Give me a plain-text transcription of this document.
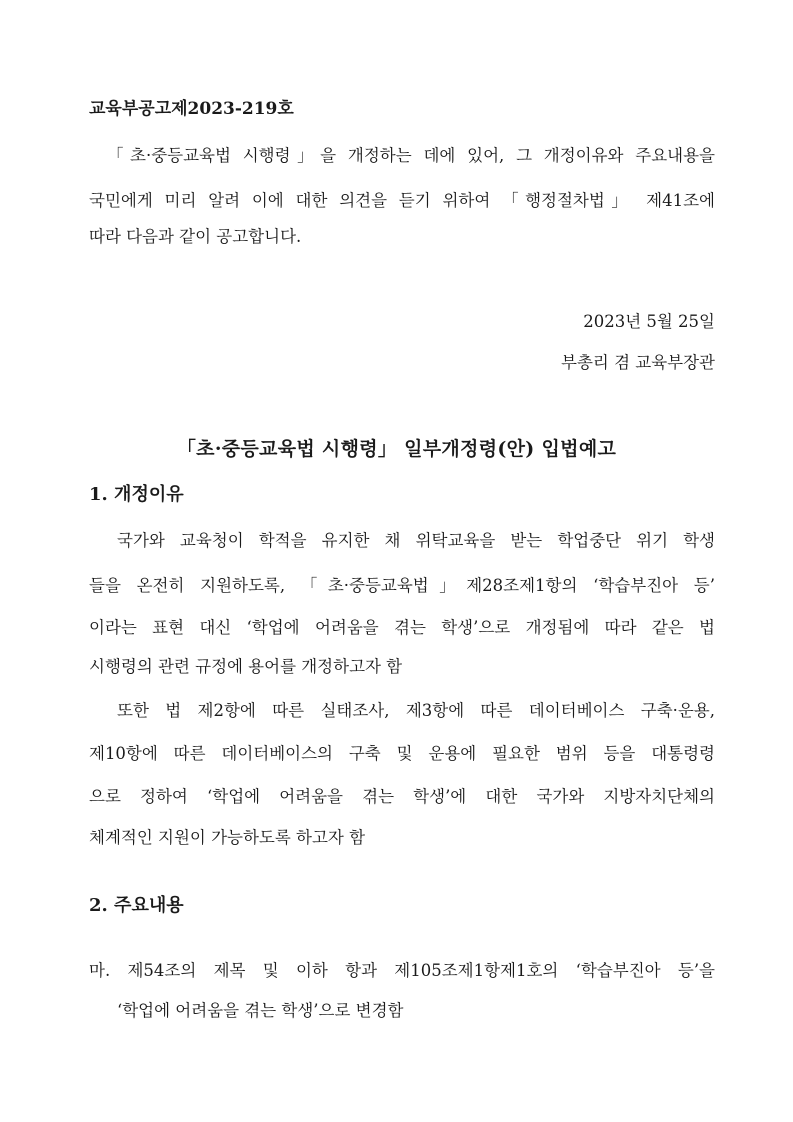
교육부공고제2023-219호
「초·중등교육법 시행령」을 개정하는 데에 있어, 그 개정이유와 주요내용을
국민에게 미리 알려 이에 대한 의견을 듣기 위하여 「행정절차법」 제41조에
따라 다음과 같이 공고합니다.
2023년 5월 25일
부총리 겸 교육부장관
「초·중등교육법 시행령」 일부개정령(안) 입법예고
1. 개정이유
국가와 교육청이 학적을 유지한 채 위탁교육을 받는 학업중단 위기 학생
들을 온전히 지원하도록, 「초·중등교육법」제28조제1항의 ‘학습부진아 등’
이라는 표현 대신 ‘학업에 어려움을 겪는 학생’으로 개정됨에 따라 같은 법
시행령의 관련 규정에 용어를 개정하고자 함
또한 법 제2항에 따른 실태조사, 제3항에 따른 데이터베이스 구축·운용,
제10항에 따른 데이터베이스의 구축 및 운용에 필요한 범위 등을 대통령령
으로 정하여 ‘학업에 어려움을 겪는 학생’에 대한 국가와 지방자치단체의
체계적인 지원이 가능하도록 하고자 함
2. 주요내용
마. 제54조의 제목 및 이하 항과 제105조제1항제1호의 ‘학습부진아 등’을
‘학업에 어려움을 겪는 학생’으로 변경함
